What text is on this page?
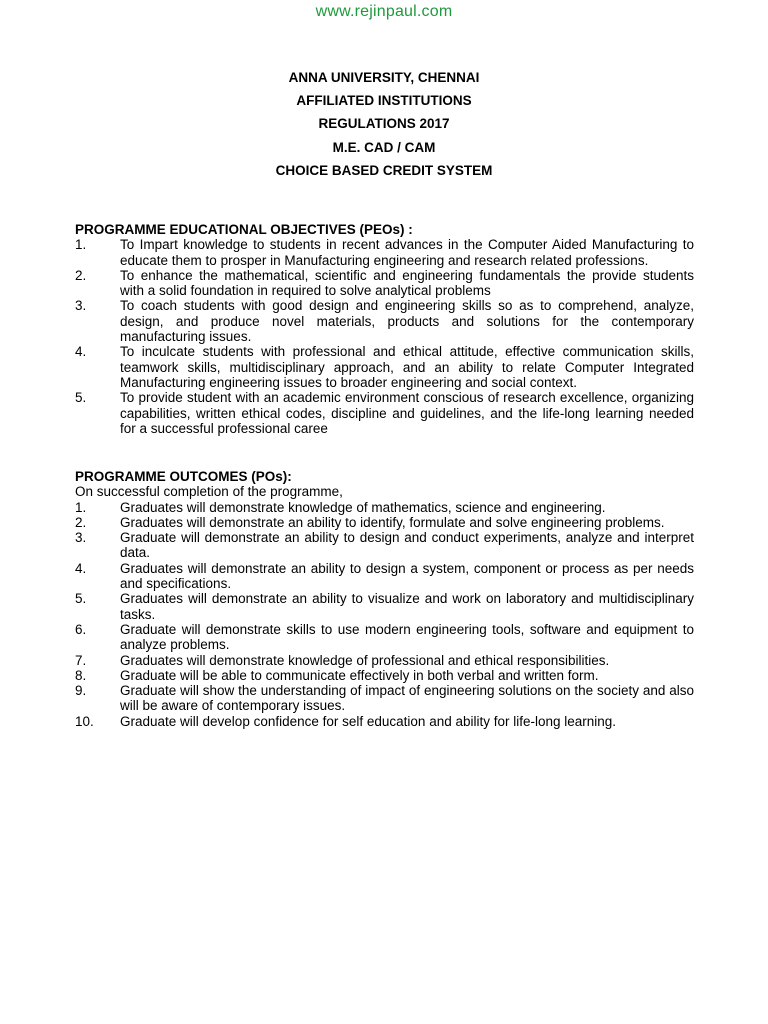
www.rejinpaul.com
ANNA UNIVERSITY, CHENNAI
AFFILIATED INSTITUTIONS
REGULATIONS 2017
M.E. CAD / CAM
CHOICE BASED CREDIT SYSTEM
PROGRAMME EDUCATIONAL OBJECTIVES (PEOs) :
1.	To Impart knowledge to students in recent advances in the Computer Aided Manufacturing to educate them to prosper in Manufacturing engineering and research related professions.
2.	To enhance the mathematical, scientific and engineering fundamentals the provide students with a solid foundation in required to solve analytical problems
3.	To coach students with good design and engineering skills so as to comprehend, analyze, design, and produce novel materials, products and solutions for the contemporary manufacturing issues.
4.	To inculcate students with professional and ethical attitude, effective communication skills, teamwork skills, multidisciplinary approach, and an ability to relate Computer Integrated Manufacturing engineering issues to broader engineering and social context.
5.	To provide student with an academic environment conscious of research excellence, organizing capabilities, written ethical codes, discipline and guidelines, and the life-long learning needed for a successful professional caree
PROGRAMME OUTCOMES (POs):
On successful completion of the programme,
1.	Graduates will demonstrate knowledge of mathematics, science and engineering.
2.	Graduates will demonstrate an ability to identify, formulate and solve engineering problems.
3.	Graduate will demonstrate an ability to design and conduct experiments, analyze and interpret data.
4.	Graduates will demonstrate an ability to design a system, component or process as per needs and specifications.
5.	Graduates will demonstrate an ability to visualize and work on laboratory and multidisciplinary tasks.
6.	Graduate will demonstrate skills to use modern engineering tools, software and equipment to analyze problems.
7.	Graduates will demonstrate knowledge of professional and ethical responsibilities.
8.	Graduate will be able to communicate effectively in both verbal and written form.
9.	Graduate will show the understanding of impact of engineering solutions on the society and also will be aware of contemporary issues.
10.	Graduate will develop confidence for self education and ability for life-long learning.
